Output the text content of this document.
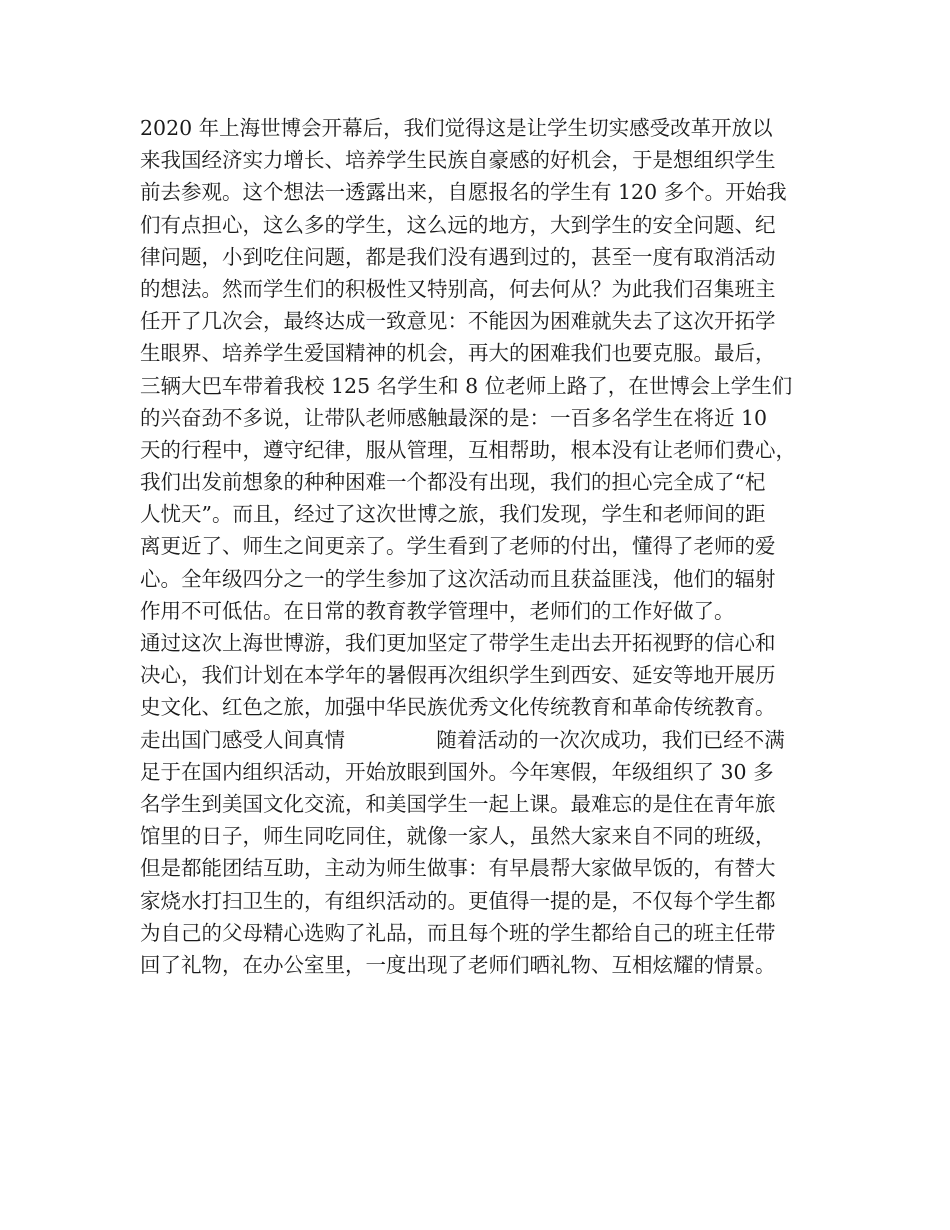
2020 年上海世博会开幕后，我们觉得这是让学生切实感受改革开放以
来我国经济实力增长、培养学生民族自豪感的好机会，于是想组织学生
前去参观。这个想法一透露出来，自愿报名的学生有 120 多个。开始我
们有点担心，这么多的学生，这么远的地方，大到学生的安全问题、纪
律问题，小到吃住问题，都是我们没有遇到过的，甚至一度有取消活动
的想法。然而学生们的积极性又特别高，何去何从？为此我们召集班主
任开了几次会，最终达成一致意见：不能因为困难就失去了这次开拓学
生眼界、培养学生爱国精神的机会，再大的困难我们也要克服。最后，
三辆大巴车带着我校 125 名学生和 8 位老师上路了，在世博会上学生们
的兴奋劲不多说，让带队老师感触最深的是：一百多名学生在将近 10
天的行程中，遵守纪律，服从管理，互相帮助，根本没有让老师们费心，
我们出发前想象的种种困难一个都没有出现，我们的担心完全成了“杞
人忧天”。而且，经过了这次世博之旅，我们发现，学生和老师间的距
离更近了、师生之间更亲了。学生看到了老师的付出，懂得了老师的爱
心。全年级四分之一的学生参加了这次活动而且获益匪浅，他们的辐射
作用不可低估。在日常的教育教学管理中，老师们的工作好做了。
通过这次上海世博游，我们更加坚定了带学生走出去开拓视野的信心和
决心，我们计划在本学年的暑假再次组织学生到西安、延安等地开展历
史文化、红色之旅，加强中华民族优秀文化传统教育和革命传统教育。
走出国门感受人间真情              随着活动的一次次成功，我们已经不满
足于在国内组织活动，开始放眼到国外。今年寒假，年级组织了 30 多
名学生到美国文化交流，和美国学生一起上课。最难忘的是住在青年旅
馆里的日子，师生同吃同住，就像一家人，虽然大家来自不同的班级，
但是都能团结互助，主动为师生做事：有早晨帮大家做早饭的，有替大
家烧水打扫卫生的，有组织活动的。更值得一提的是，不仅每个学生都
为自己的父母精心选购了礼品，而且每个班的学生都给自己的班主任带
回了礼物，在办公室里，一度出现了老师们晒礼物、互相炫耀的情景。
